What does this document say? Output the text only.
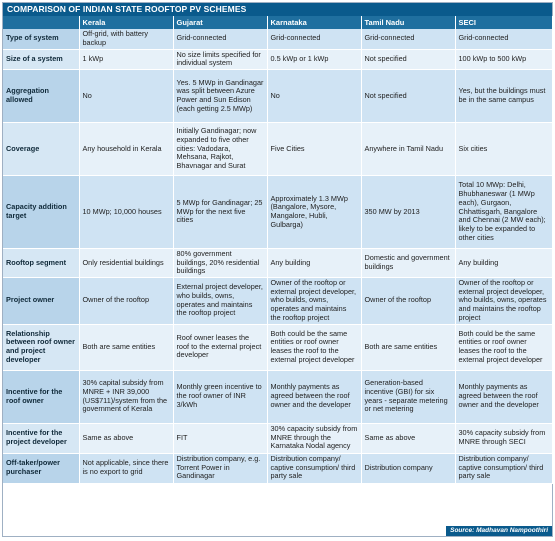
COMPARISON OF INDIAN STATE ROOFTOP PV SCHEMES
	Kerala	Gujarat	Karnataka	Tamil Nadu	SECI
Type of system	Off-grid, with battery backup	Grid-connected	Grid-connected	Grid-connected	Grid-connected
Size of a system	1 kWp	No size limits specified for individual system	0.5 kWp or 1 kWp	Not specified	100 kWp to 500 kWp
Aggregation allowed	No	Yes. 5 MWp in Gandinagar was split between Azure Power and Sun Edison (each getting 2.5 MWp)	No	Not specified	Yes, but the buildings must be in the same campus
Coverage	Any household in Kerala	Initially Gandinagar; now expanded to five other cities: Vadodara, Mehsana, Rajkot, Bhavnagar and Surat	Five Cities	Anywhere in Tamil Nadu	Six cities
Capacity addition target	10 MWp; 10,000 houses	5 MWp for Gandinagar; 25 MWp for the next five cities	Approximately 1.3 MWp (Bangalore, Mysore, Mangalore, Hubli, Gulbarga)	350 MW by 2013	Total 10 MWp: Delhi, Bhubhaneswar (1 MWp each), Gurgaon, Chhattisgarh, Bangalore and Chennai (2 MW each); likely to be expanded to other cities
Rooftop segment	Only residential buildings	80% government buildings, 20% residential buildings	Any building	Domestic and government buildings	Any building
Project owner	Owner of the rooftop	External project developer, who builds, owns, operates and maintains the rooftop project	Owner of the rooftop or external project developer, who builds, owns, operates and maintains the rooftop project	Owner of the rooftop	Owner of the rooftop or external project developer, who builds, owns, operates and maintains the rooftop project
Relationship between roof owner and project developer	Both are same entities	Roof owner leases the roof to the external project developer	Both could be the same entities or roof owner leases the roof to the external project developer	Both are same entities	Both could be the same entities or roof owner leases the roof to the external project developer
Incentive for the roof owner	30% capital subsidy from MNRE + INR 39,000 (US$711)/system from the government of Kerala	Monthly green incentive to the roof owner of INR 3/kWh	Monthly payments as agreed between the roof owner and the developer	Generation-based incentive (GBI) for six years - separate metering or net metering	Monthly payments as agreed between the roof owner and the developer
Incentive for the project developer	Same as above	FIT	30% capacity subsidy from MNRE through the Karnataka Nodal agency	Same as above	30% capacity subsidy from MNRE through SECI
Off-taker/power purchaser	Not applicable, since there is no export to grid	Distribution company, e.g. Torrent Power in Gandinagar	Distribution company/ captive consumption/ third party sale	Distribution company	Distribution company/ captive consumption/ third party sale
Source: Madhavan Nampoothiri
